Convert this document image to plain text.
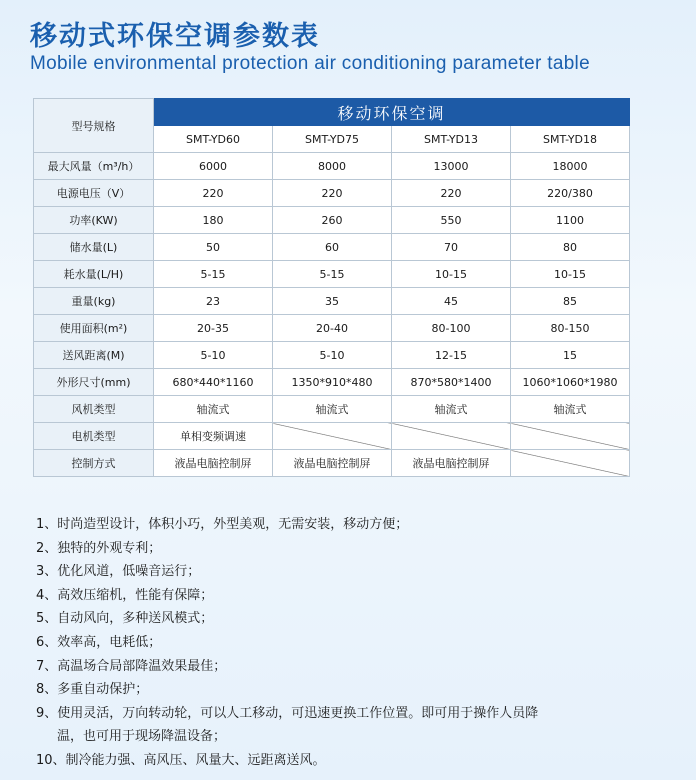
移动式环保空调参数表
Mobile environmental protection air conditioning parameter table
型号规格	移动环保空调			
	SMT-YD60	SMT-YD75	SMT-YD13	SMT-YD18
最大风量（m³/h）	6000	8000	13000	18000
电源电压（V）	220	220	220	220/380
功率(KW)	180	260	550	1100
储水量(L)	50	60	70	80
耗水量(L/H)	5-15	5-15	10-15	10-15
重量(kg)	23	35	45	85
使用面积(m²)	20-35	20-40	80-100	80-150
送风距离(M)	5-10	5-10	12-15	15
外形尺寸(mm)	680*440*1160	1350*910*480	870*580*1400	1060*1060*1980
风机类型	轴流式	轴流式	轴流式	轴流式
电机类型	单相变频调速			
控制方式	液晶电脑控制屏	液晶电脑控制屏	液晶电脑控制屏	
1、时尚造型设计，体积小巧，外型美观，无需安装，移动方便；
2、独特的外观专利；
3、优化风道，低噪音运行；
4、高效压缩机，性能有保障；
5、自动风向，多种送风模式；
6、效率高，电耗低；
7、高温场合局部降温效果最佳；
8、多重自动保护；
9、使用灵活，万向转动轮，可以人工移动，可迅速更换工作位置。即可用于操作人员降
温，也可用于现场降温设备；
10、制冷能力强、高风压、风量大、远距离送风。
